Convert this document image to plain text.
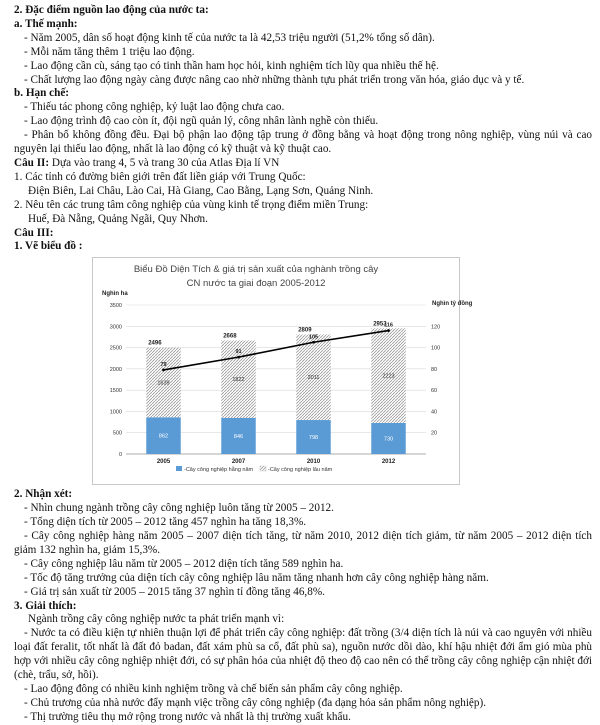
2. Đặc điểm nguồn lao động của nước ta:
a. Thế mạnh:
- Năm 2005, dân số hoạt động kinh tế của nước ta là 42,53 triệu người (51,2% tổng số dân).
- Mỗi năm tăng thêm 1 triệu lao động.
- Lao động cần cù, sáng tạo có tinh thần ham học hỏi, kinh nghiệm tích lũy qua nhiều thế hệ.
- Chất lượng lao động ngày càng được nâng cao nhờ những thành tựu phát triển trong văn hóa, giáo dục và y tế.
b. Hạn chế:
- Thiếu tác phong công nghiệp, kỷ luật lao động chưa cao.
- Lao động trình độ cao còn ít, đội ngũ quản lý, công nhân lành nghề còn thiếu.
- Phân bố không đồng đều. Đại bộ phận lao động tập trung ở đồng bằng và hoạt động trong nông nghiệp, vùng núi và cao nguyên lại thiếu lao động, nhất là lao động có kỹ thuật và kỹ thuật cao.
Câu II: Dựa vào trang 4, 5 và trang 30 của Atlas Địa lí VN
1. Các tỉnh có đường biên giới trên đất liền giáp với Trung Quốc:
Điện Biên, Lai Châu, Lào Cai, Hà Giang, Cao Bằng, Lạng Sơn, Quảng Ninh.
2. Nêu tên các trung tâm công nghiệp của vùng kinh tế trọng điểm miền Trung:
Huế, Đà Nẵng, Quảng Ngãi, Quy Nhơn.
Câu III:
1. Vẽ biểu đồ :
Biểu Đồ Diện Tích & giá trị sản xuất của nghành trồng cây
CN nước ta giai đoạn 2005-2012
Nghìn ha
Nghìn tỷ đồng
0
500
1000
1500
2000
2500
3000
3500
20
40
60
80
100
120
862
1639
2496
2005
846
1822
2668
2007
798
2011
2809
2010
730
2223
2953
2012
79
91
105
116
-Cây công nghiệp hằng năm	-Cây công nghiệp lâu năm
2. Nhận xét:
- Nhìn chung ngành trồng cây công nghiệp luôn tăng từ 2005 – 2012.
- Tổng diện tích từ 2005 – 2012 tăng 457 nghìn ha tăng 18,3%.
- Cây công nghiệp hàng năm 2005 – 2007 diện tích tăng, từ năm 2010, 2012 diện tích giảm, từ năm 2005 – 2012 diện tích giảm 132 nghìn ha, giảm 15,3%.
- Cây công nghiệp lâu năm từ 2005 – 2012 diện tích tăng 589 nghìn ha.
- Tốc độ tăng trưởng của diện tích cây công nghiệp lâu năm tăng nhanh hơn cây công nghiệp hàng năm.
- Giá trị sản xuất từ 2005 – 2015 tăng 37 nghìn tỉ đồng tăng 46,8%.
3. Giải thích:
Ngành trồng cây công nghiệp nước ta phát triển mạnh vì:
- Nước ta có điều kiện tự nhiên thuận lợi để phát triển cây công nghiệp: đất trồng (3/4 diện tích là núi và cao nguyên với nhiều loại đất feralit, tốt nhất là đất đỏ badan, đất xám phù sa cổ, đất phù sa), nguồn nước dồi dào, khí hậu nhiệt đới ẩm gió mùa phù hợp với nhiều cây công nghiệp nhiệt đới, có sự phân hóa của nhiệt độ theo độ cao nên có thể trồng cây công nghiệp cận nhiệt đới (chè, trẩu, sở, hồi).
- Lao động đông có nhiều kinh nghiệm trồng và chế biến sản phẩm cây công nghiệp.
- Chủ trương của nhà nước đẩy mạnh việc trồng cây công nghiệp (đa dạng hóa sản phẩm nông nghiệp).
- Thị trường tiêu thụ mở rộng trong nước và nhất là thị trường xuất khẩu.
